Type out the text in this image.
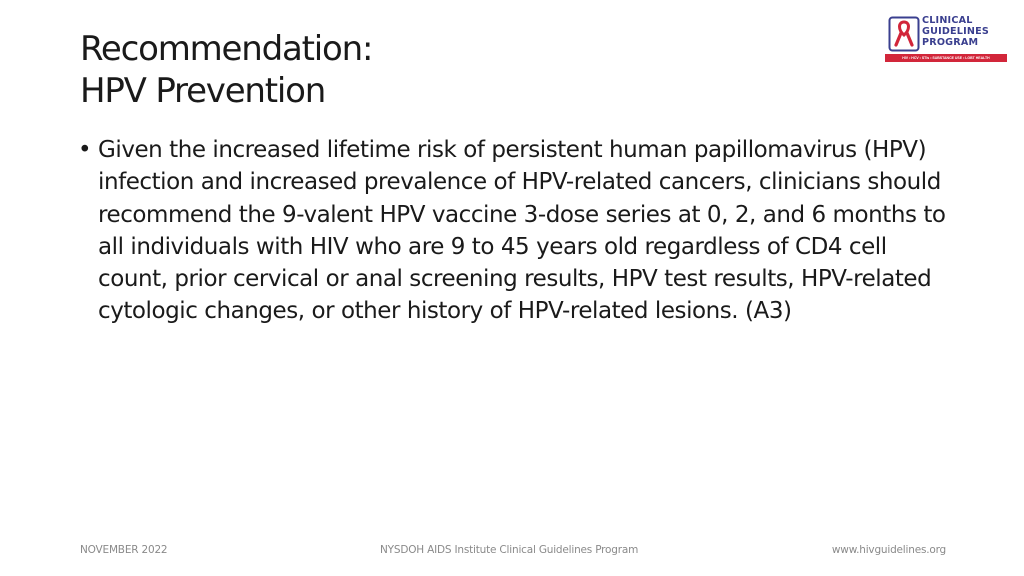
Recommendation:
HPV Prevention
CLINICAL
GUIDELINES
PROGRAM
HIV • HCV • STIs • SUBSTANCE USE • LGBT HEALTH
• Given the increased lifetime risk of persistent human papillomavirus (HPV) infection and increased prevalence of HPV-related cancers, clinicians should recommend the 9-valent HPV vaccine 3-dose series at 0, 2, and 6 months to all individuals with HIV who are 9 to 45 years old regardless of CD4 cell count, prior cervical or anal screening results, HPV test results, HPV-related cytologic changes, or other history of HPV-related lesions. (A3)
NOVEMBER 2022	NYSDOH AIDS Institute Clinical Guidelines Program	www.hivguidelines.org
